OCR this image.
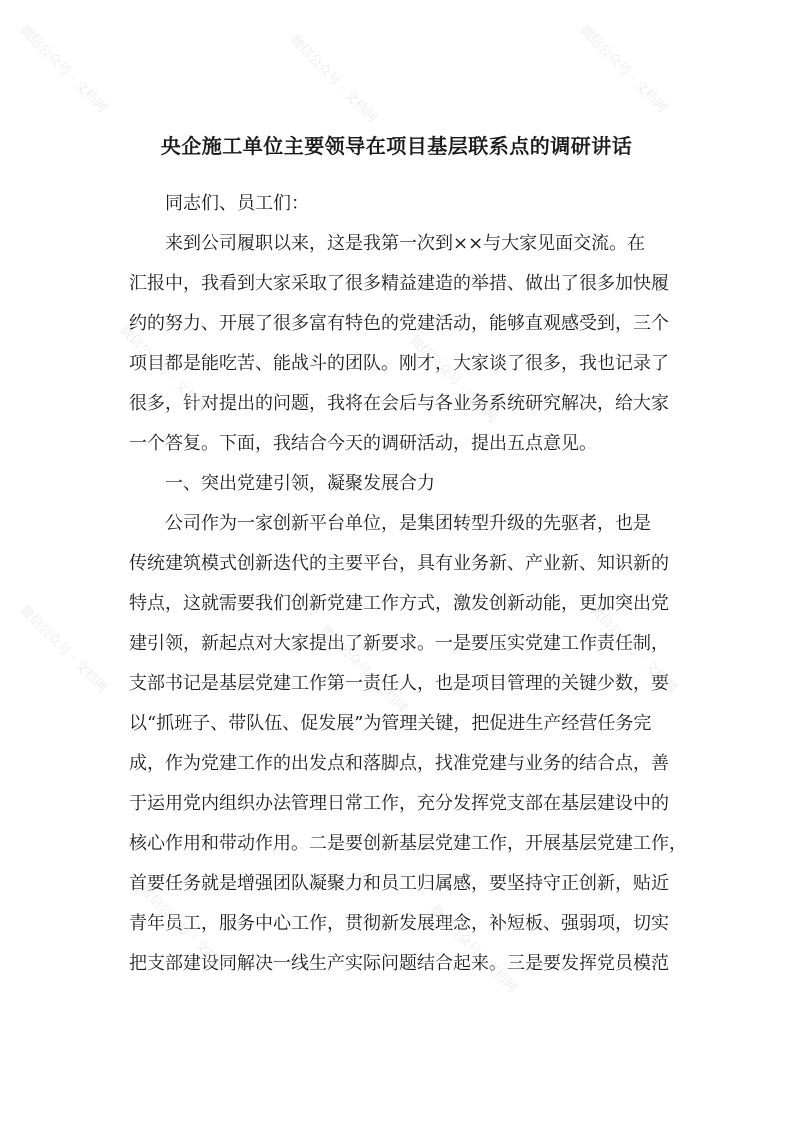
央企施工单位主要领导在项目基层联系点的调研讲话
同志们、员工们：
来到公司履职以来，这是我第一次到××与大家见面交流。在
汇报中，我看到大家采取了很多精益建造的举措、做出了很多加快履
约的努力、开展了很多富有特色的党建活动，能够直观感受到，三个
项目都是能吃苦、能战斗的团队。刚才，大家谈了很多，我也记录了
很多，针对提出的问题，我将在会后与各业务系统研究解决，给大家
一个答复。下面，我结合今天的调研活动，提出五点意见。
一、突出党建引领，凝聚发展合力
公司作为一家创新平台单位，是集团转型升级的先驱者，也是
传统建筑模式创新迭代的主要平台，具有业务新、产业新、知识新的
特点，这就需要我们创新党建工作方式，激发创新动能，更加突出党
建引领，新起点对大家提出了新要求。一是要压实党建工作责任制，
支部书记是基层党建工作第一责任人，也是项目管理的关键少数，要
以“抓班子、带队伍、促发展”为管理关键，把促进生产经营任务完
成，作为党建工作的出发点和落脚点，找准党建与业务的结合点，善
于运用党内组织办法管理日常工作，充分发挥党支部在基层建设中的
核心作用和带动作用。二是要创新基层党建工作，开展基层党建工作，
首要任务就是增强团队凝聚力和员工归属感，要坚持守正创新，贴近
青年员工，服务中心工作，贯彻新发展理念，补短板、强弱项，切实
把支部建设同解决一线生产实际问题结合起来。三是要发挥党员模范
微信公众号 · 文档网	微信公众号 · 文档网	微信公众号 · 文档网
微信公众号 · 文档网	微信公众号 · 文档网
微信公众号 · 文档网	微信公众号 · 文档网	微信公众号 · 文档网
微信公众号 · 文档网	微信公众号 · 文档网
